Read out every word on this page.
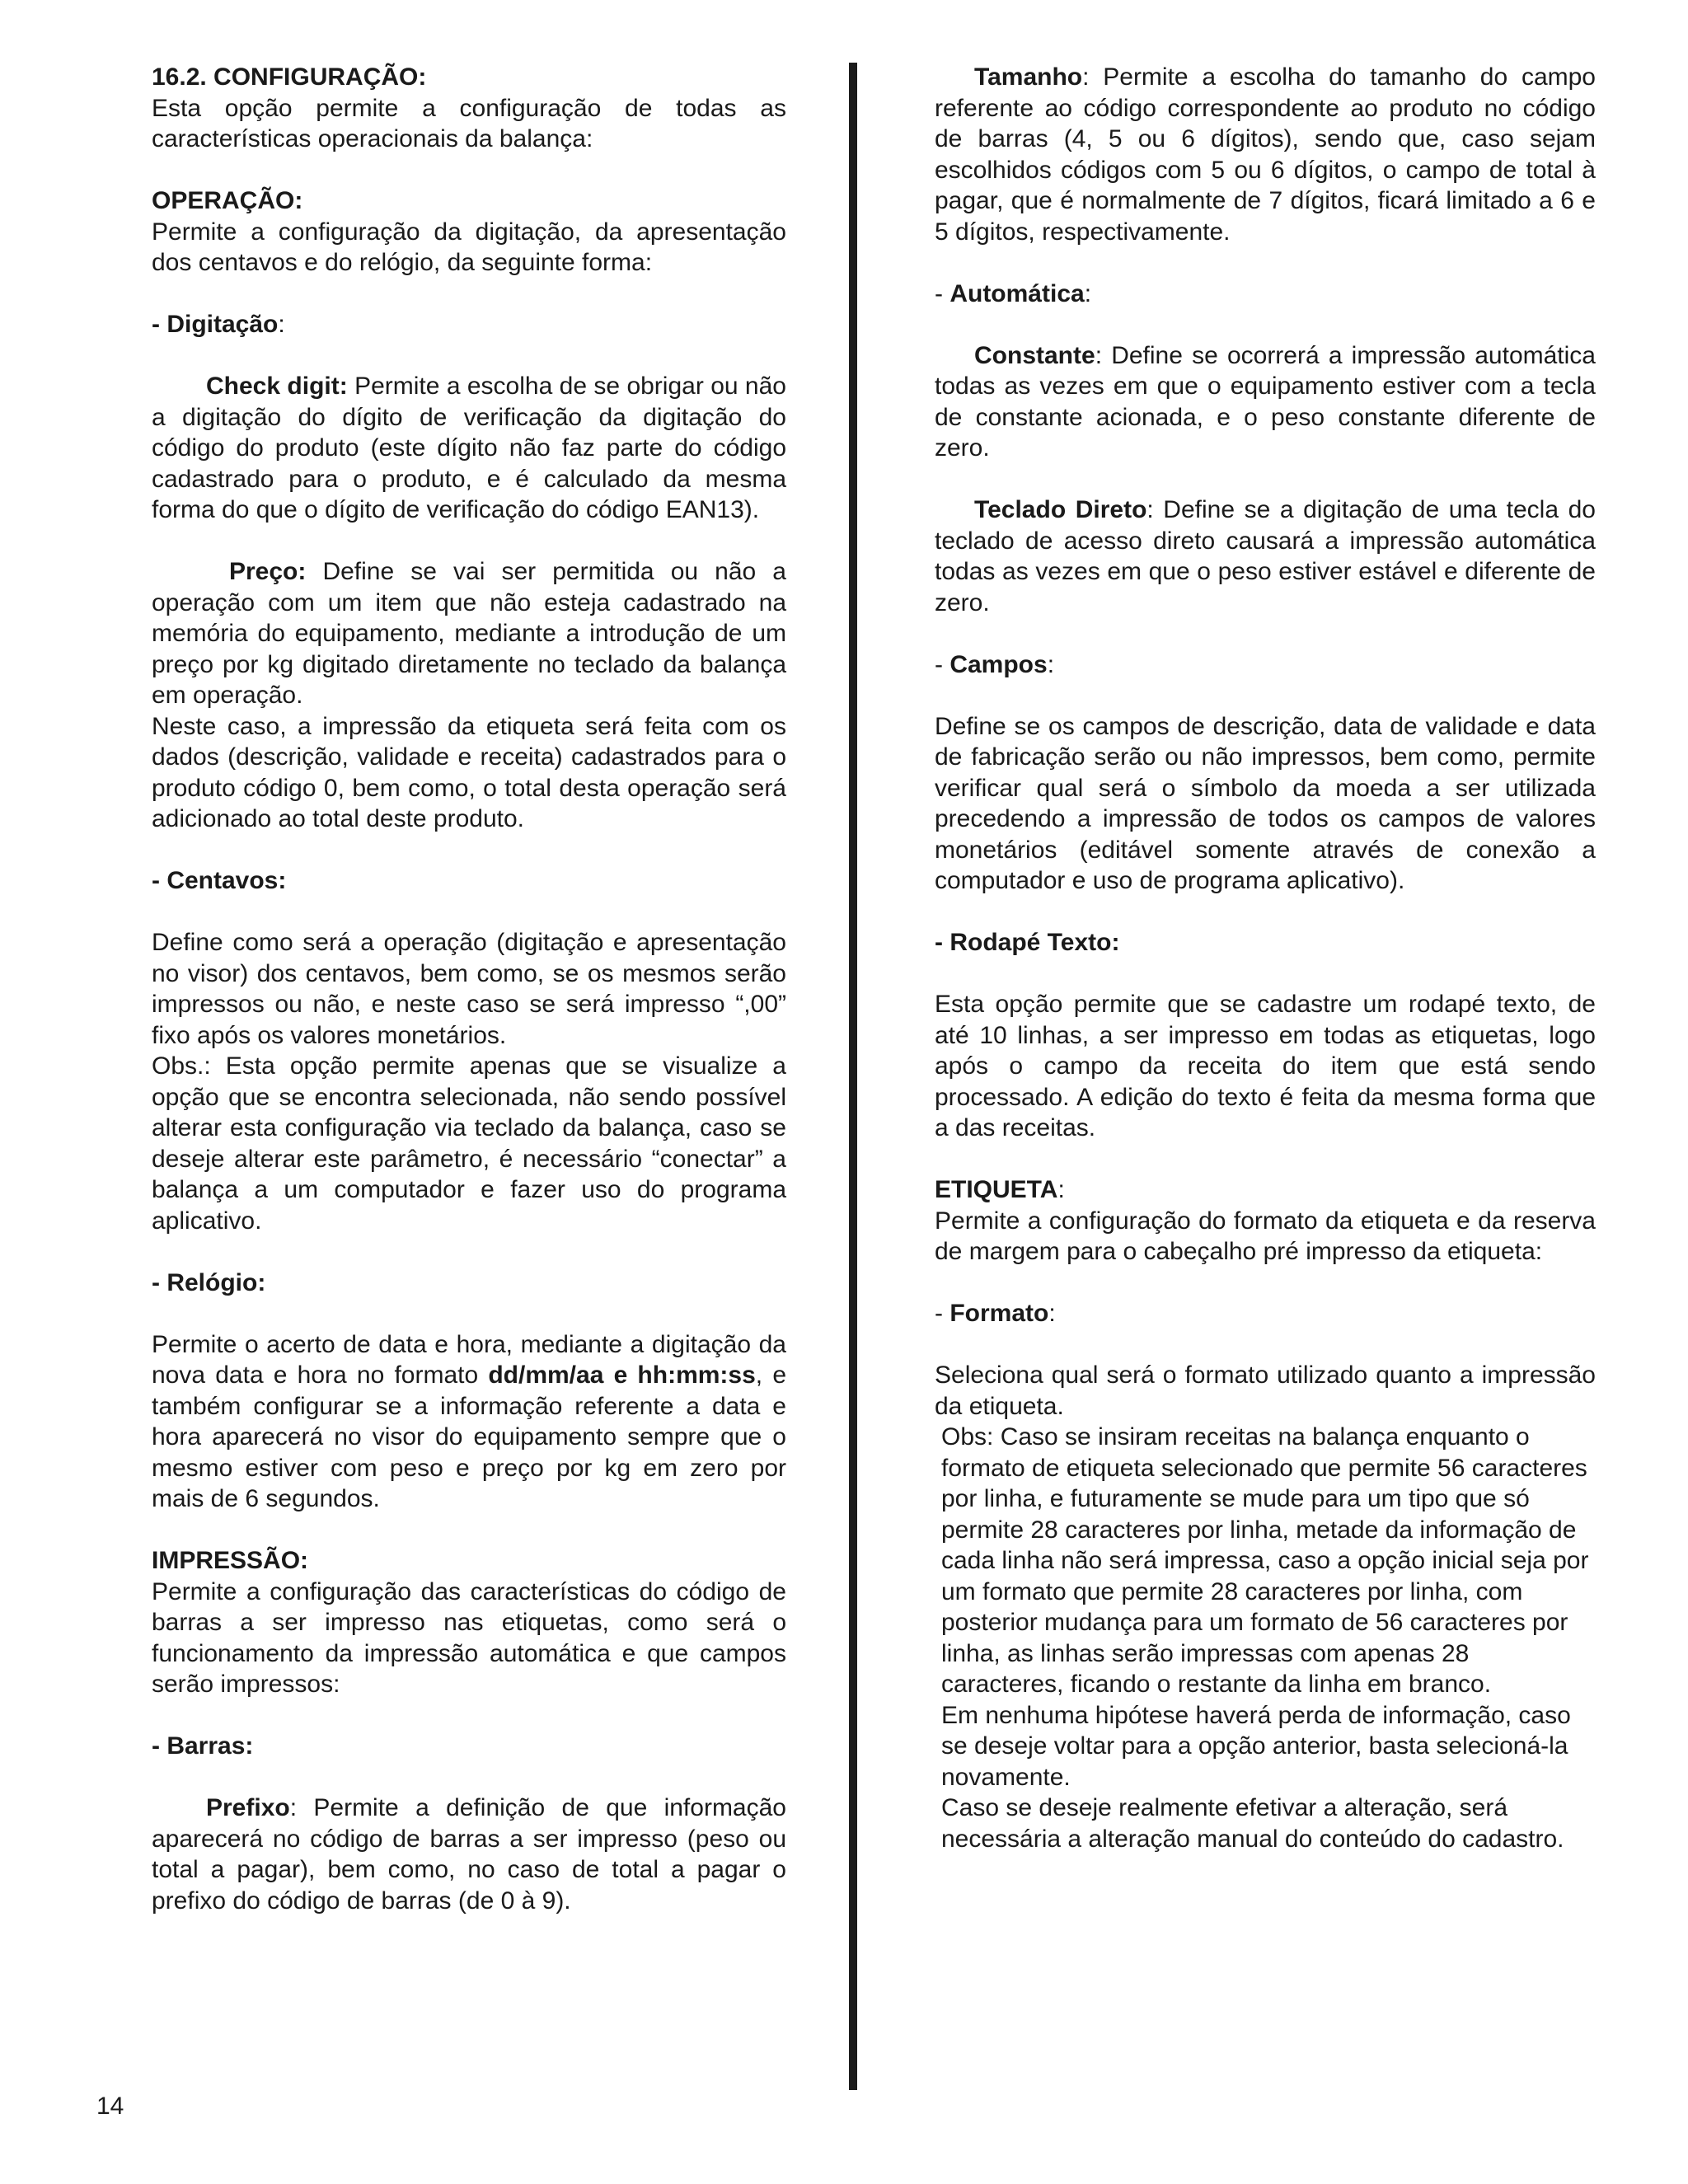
16.2. CONFIGURAÇÃO:

Esta opção permite a configuração de todas as características operacionais da balança:

OPERAÇÃO:

Permite a configuração da digitação, da apresentação dos centavos e do relógio, da seguinte forma:

- Digitação:

Check digit: Permite a escolha de se obrigar ou não a digitação do dígito de verificação da digitação do código do produto (este dígito não faz parte do código cadastrado para o produto, e é calculado da mesma forma do que o dígito de verificação do código EAN13).

Preço: Define se vai ser permitida ou não a operação com um item que não esteja cadastrado na memória do equipamento, mediante a introdução de um preço por kg digitado diretamente no teclado da balança em operação.

Neste caso, a impressão da etiqueta será feita com os dados (descrição, validade e receita) cadastrados para o produto código 0, bem como, o total desta operação será adicionado ao total deste produto.

- Centavos:

Define como será a operação (digitação e apresentação no visor) dos centavos, bem como, se os mesmos serão impressos ou não, e neste caso se será impresso “,00” fixo após os valores monetários.

Obs.: Esta opção permite apenas que se visualize a opção que se encontra selecionada, não sendo possível alterar esta configuração via teclado da balança, caso se deseje alterar este parâmetro, é necessário “conectar” a balança a um computador e fazer uso do programa aplicativo.

- Relógio:

Permite o acerto de data e hora, mediante a digitação da nova data e hora no formato dd/mm/aa e hh:mm:ss, e também configurar se a informação referente a data e hora aparecerá no visor do equipamento sempre que o mesmo estiver com peso e preço por kg em zero por mais de 6 segundos.

IMPRESSÃO:

Permite a configuração das características do código de barras a ser impresso nas etiquetas, como será o funcionamento da impressão automática e que campos serão impressos:

- Barras:

Prefixo: Permite a definição de que informação aparecerá no código de barras a ser impresso (peso ou total a pagar), bem como, no caso de total a pagar o prefixo do código de barras (de 0 à 9).

Tamanho: Permite a escolha do tamanho do campo referente ao código correspondente ao produto no código de barras (4, 5 ou 6 dígitos), sendo que, caso sejam escolhidos códigos com 5 ou 6 dígitos, o campo de total à pagar, que é normalmente de 7 dígitos, ficará limitado a 6 e 5 dígitos, respectivamente.

- Automática:

Constante: Define se ocorrerá a impressão automática todas as vezes em que o equipamento estiver com a tecla de constante acionada, e o peso constante diferente de zero.

Teclado Direto: Define se a digitação de uma tecla do teclado de acesso direto causará a impressão automática todas as vezes em que o peso estiver estável e diferente de zero.

- Campos:

Define se os campos de descrição, data de validade e data de fabricação serão ou não impressos, bem como, permite verificar qual será o símbolo da moeda a ser utilizada precedendo a impressão de todos os campos de valores monetários (editável somente através de conexão a computador e uso de programa aplicativo).

- Rodapé Texto:

Esta opção permite que se cadastre um rodapé texto, de até 10 linhas, a ser impresso em todas as etiquetas, logo após o campo da receita do item que está sendo processado. A edição do texto é feita da mesma forma que a das receitas.

ETIQUETA:

Permite a configuração do formato da etiqueta e da reserva de margem para o cabeçalho pré impresso da etiqueta:

- Formato:

Seleciona qual será o formato utilizado quanto a impressão da etiqueta.

Obs: Caso se insiram receitas na balança enquanto o formato de etiqueta selecionado que permite 56 caracteres por linha, e futuramente se mude para um tipo que só permite 28 caracteres por linha, metade da informação de cada linha não será impressa, caso a opção inicial seja por um formato que permite 28 caracteres por linha, com posterior mudança para um formato de 56 caracteres por linha, as linhas serão impressas com apenas 28 caracteres, ficando o restante da linha em branco.

Em nenhuma hipótese haverá perda de informação, caso se deseje voltar para a opção anterior, basta selecioná-la novamente.

Caso se deseje realmente efetivar a alteração, será necessária a alteração manual do conteúdo do cadastro.

14
